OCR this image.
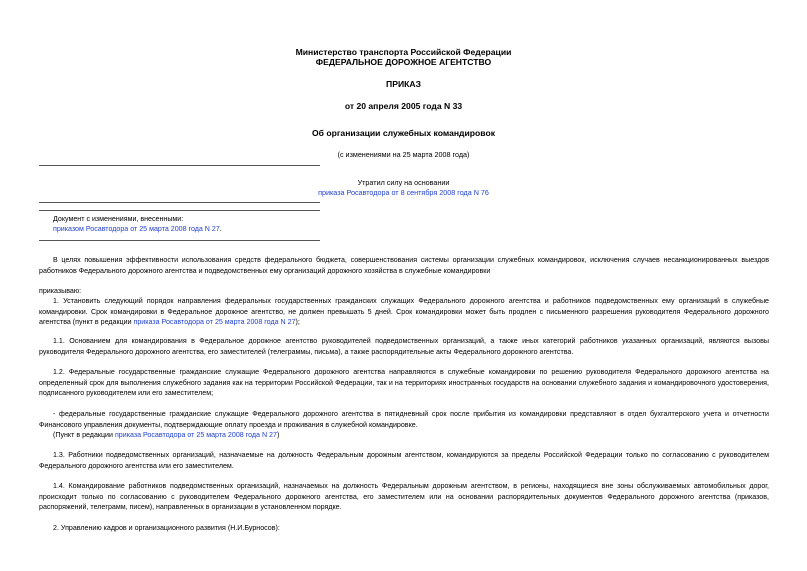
Министерство транспорта Российской Федерации
ФЕДЕРАЛЬНОЕ ДОРОЖНОЕ АГЕНТСТВО
ПРИКАЗ
от 20 апреля 2005 года N 33
Об организации служебных командировок
(с изменениями на 25 марта 2008 года)
Утратил силу на основании
приказа Росавтодора от 8 сентября 2008 года N 76
Документ с изменениями, внесенными:
приказом Росавтодора от 25 марта 2008 года N 27.
В целях повышения эффективности использования средств федерального бюджета, совершенствования системы организации служебных командировок, исключения случаев несанкционированных выездов работников Федерального дорожного агентства и подведомственных ему организаций дорожного хозяйства в служебные командировки
приказываю:
1. Установить следующий порядок направления федеральных государственных гражданских служащих Федерального дорожного агентства и работников подведомственных ему организаций в служебные командировки. Срок командировки в Федеральное дорожное агентство, не должен превышать 5 дней. Срок командировки может быть продлен с письменного разрешения руководителя Федерального дорожного агентства (пункт в редакции приказа Росавтодора от 25 марта 2008 года N 27);
1.1. Основанием для командирования в Федеральное дорожное агентство руководителей подведомственных организаций, а также иных категорий работников указанных организаций, являются вызовы руководителя Федерального дорожного агентства, его заместителей (телеграммы, письма), а также распорядительные акты Федерального дорожного агентства.
1.2. Федеральные государственные гражданские служащие Федерального дорожного агентства направляются в служебные командировки по решению руководителя Федерального дорожного агентства на определенный срок для выполнения служебного задания как на территории Российской Федерации, так и на территориях иностранных государств на основании служебного задания и командировочного удостоверения, подписанного руководителем или его заместителем;
- федеральные государственные гражданские служащие Федерального дорожного агентства в пятидневный срок после прибытия из командировки представляют в отдел бухгалтерского учета и отчетности Финансового управления документы, подтверждающие оплату проезда и проживания в служебной командировке.
(Пункт в редакции приказа Росавтодора от 25 марта 2008 года N 27)
1.3. Работники подведомственных организаций, назначаемые на должность Федеральным дорожным агентством, командируются за пределы Российской Федерации только по согласованию с руководителем Федерального дорожного агентства или его заместителем.
1.4. Командирование работников подведомственных организаций, назначаемых на должность Федеральным дорожным агентством, в регионы, находящиеся вне зоны обслуживаемых автомобильных дорог, происходит только по согласованию с руководителем Федерального дорожного агентства, его заместителем или на основании распорядительных документов Федерального дорожного агентства (приказов, распоряжений, телеграмм, писем), направленных в организации в установленном порядке.
2. Управлению кадров и организационного развития (Н.И.Бурносов):
